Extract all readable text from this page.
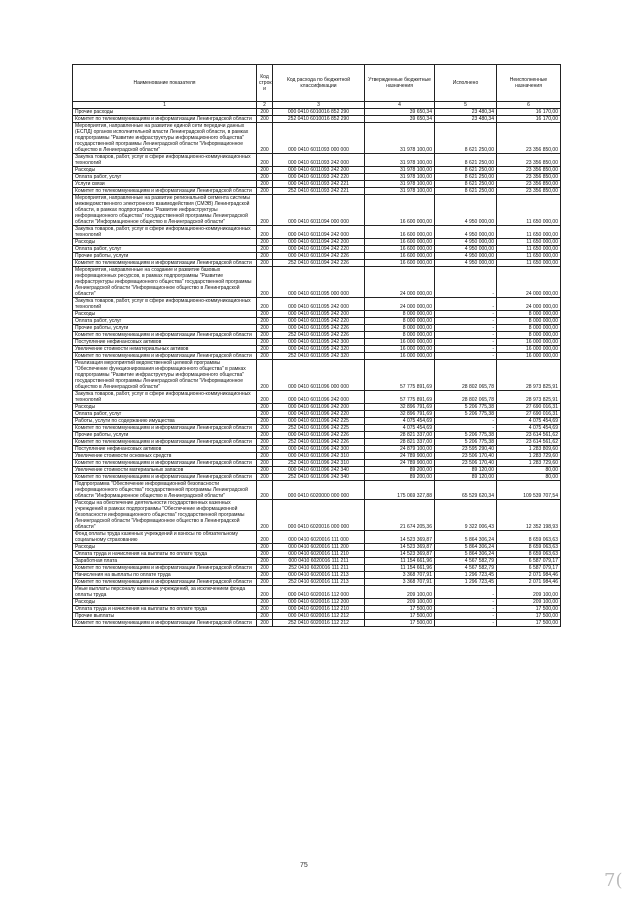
Наименование показателя	Код строк и	Код расхода по бюджетной классификации	Утвержденные бюджетные назначения	Исполнено	Неисполненные назначения
1	2	3	4	5	6
Прочие расходы	200	000 0410 6010016 852 290	39 650,34	23 480,34	16 170,00
Комитет по телекоммуникациям и информатизации Ленинградской области	200	252 0410 6010016 852 290	39 650,34	23 480,34	16 170,00
Мероприятия, направленные на развитие единой сети передачи данных (ЕСПД) органов исполнительной власти Ленинградской области, в рамках подпрограммы "Развитие инфраструктуры информационного общества" государственной программы Ленинградской области "Информационное общество в Ленинградской области"	200	000 0410 6011093 000 000	31 978 100,00	8 621 250,00	23 356 850,00
Закупка товаров, работ, услуг в сфере информационно-коммуникационных технологий	200	000 0410 6011093 242 000	31 978 100,00	8 621 250,00	23 356 850,00
Расходы	200	000 0410 6011093 242 200	31 978 100,00	8 621 250,00	23 356 850,00
Оплата работ, услуг	200	000 0410 6011093 242 220	31 978 100,00	8 621 250,00	23 356 850,00
Услуги связи	200	000 0410 6011093 242 221	31 978 100,00	8 621 250,00	23 356 850,00
Комитет по телекоммуникациям и информатизации Ленинградской области	200	252 0410 6011093 242 221	31 978 100,00	8 621 250,00	23 356 850,00
Мероприятия, направленные на развитие региональной сегмента системы межведомственного электронного взаимодействия (СМЭВ) Ленинградской области, в рамках подпрограммы "Развитие инфраструктуры информационного общества" государственной программы Ленинградской области "Информационное общество в Ленинградской области"	200	000 0410 6011094 000 000	16 600 000,00	4 950 000,00	11 650 000,00
Закупка товаров, работ, услуг в сфере информационно-коммуникационных технологий	200	000 0410 6011094 242 000	16 600 000,00	4 950 000,00	11 650 000,00
Расходы	200	000 0410 6011094 242 200	16 600 000,00	4 950 000,00	11 650 000,00
Оплата работ, услуг	200	000 0410 6011094 242 220	16 600 000,00	4 950 000,00	11 650 000,00
Прочие работы, услуги	200	000 0410 6011094 242 226	16 600 000,00	4 950 000,00	11 650 000,00
Комитет по телекоммуникациям и информатизации Ленинградской области	200	252 0410 6011094 242 226	16 600 000,00	4 950 000,00	11 650 000,00
Мероприятия, направленные на создание и развитие базовых информационных ресурсов, в рамках подпрограммы "Развитие инфраструктуры информационного общества" государственной программы Ленинградской области "Информационное общество в Ленинградской области"	200	000 0410 6011095 000 000	24 000 000,00	-	24 000 000,00
Закупка товаров, работ, услуг в сфере информационно-коммуникационных технологий	200	000 0410 6011095 242 000	24 000 000,00	-	24 000 000,00
Расходы	200	000 0410 6011095 242 200	8 000 000,00	-	8 000 000,00
Оплата работ, услуг	200	000 0410 6011095 242 220	8 000 000,00	-	8 000 000,00
Прочие работы, услуги	200	000 0410 6011095 242 226	8 000 000,00	-	8 000 000,00
Комитет по телекоммуникациям и информатизации Ленинградской области	200	252 0410 6011095 242 226	8 000 000,00	-	8 000 000,00
Поступление нефинансовых активов	200	000 0410 6011095 242 300	16 000 000,00	-	16 000 000,00
Увеличение стоимости нематериальных активов	200	000 0410 6011095 242 320	16 000 000,00	-	16 000 000,00
Комитет по телекоммуникациям и информатизации Ленинградской области	200	252 0410 6011095 242 320	16 000 000,00	-	16 000 000,00
Реализация мероприятий ведомственной целевой программы "Обеспечение функционирования информационного общества" в рамках подпрограммы "Развитие инфраструктуры информационного общества" государственной программы Ленинградской области "Информационное общество в Ленинградской области"	200	000 0410 6011096 000 000	57 775 891,69	28 802 065,78	28 973 825,91
Закупка товаров, работ, услуг в сфере информационно-коммуникационных технологий	200	000 0410 6011096 242 000	57 775 891,69	28 802 065,78	28 973 825,91
Расходы	200	000 0410 6011096 242 200	32 896 791,69	5 206 775,38	27 690 016,31
Оплата работ, услуг	200	000 0410 6011096 242 220	32 896 791,69	5 206 775,38	27 690 016,31
Работы, услуги по содержанию имущества	200	000 0410 6011096 242 225	4 075 454,69	-	4 075 454,69
Комитет по телекоммуникациям и информатизации Ленинградской области	200	252 0410 6011096 242 225	4 075 454,69	-	4 075 454,69
Прочие работы, услуги	200	000 0410 6011096 242 226	28 821 337,00	5 206 775,38	23 614 561,62
Комитет по телекоммуникациям и информатизации Ленинградской области	200	252 0410 6011096 242 226	28 821 337,00	5 206 775,38	23 614 561,62
Поступление нефинансовых активов	200	000 0410 6011096 242 300	24 879 100,00	23 595 290,40	1 283 809,60
Увеличение стоимости основных средств	200	000 0410 6011096 242 310	24 789 900,00	23 506 170,40	1 283 729,60
Комитет по телекоммуникациям и информатизации Ленинградской области	200	252 0410 6011096 242 310	24 789 900,00	23 506 170,40	1 283 729,60
Увеличение стоимости материальных запасов	200	000 0410 6011096 242 340	89 200,00	89 120,00	80,00
Комитет по телекоммуникациям и информатизации Ленинградской области	200	252 0410 6011096 242 340	89 200,00	89 120,00	80,00
Подпрограмма "Обеспечение информационной безопасности информационного общества" государственной программы Ленинградской области "Информационное общество в Ленинградской области"	200	000 0410 6020000 000 000	175 069 327,88	65 529 620,34	109 539 707,54
Расходы на обеспечение деятельности государственных казенных учреждений в рамках подпрограммы "Обеспечение информационной безопасности информационного общества" государственной программы Ленинградской области "Информационное общество в Ленинградской области"	200	000 0410 6020016 000 000	21 674 205,36	9 322 006,43	12 352 198,93
Фонд оплаты труда казенных учреждений и взносы по обязательному социальному страхованию	200	000 0410 6020016 111 000	14 523 369,87	5 864 306,24	8 659 063,63
Расходы	200	000 0410 6020016 111 200	14 523 369,87	5 864 306,24	8 659 063,63
Оплата труда и начисления на выплаты по оплате труда	200	000 0410 6020016 111 210	14 523 369,87	5 864 306,24	8 659 063,63
Заработная плата	200	000 0410 6020016 111 211	11 154 661,96	4 567 582,79	6 587 079,17
Комитет по телекоммуникациям и информатизации Ленинградской области	200	252 0410 6020016 111 211	11 154 661,96	4 567 582,79	6 587 079,17
Начисления на выплаты по оплате труда	200	000 0410 6020016 111 213	3 368 707,91	1 296 723,45	2 071 984,46
Комитет по телекоммуникациям и информатизации Ленинградской области	200	252 0410 6020016 111 213	3 368 707,91	1 296 723,45	2 071 984,46
Иные выплаты персоналу казенных учреждений, за исключением фонда оплаты труда	200	000 0410 6020016 112 000	209 100,00	-	209 100,00
Расходы	200	000 0410 6020016 112 200	209 100,00	-	209 100,00
Оплата труда и начисления на выплаты по оплате труда	200	000 0410 6020016 112 210	17 500,00	-	17 500,00
Прочие выплаты	200	000 0410 6020016 112 212	17 500,00	-	17 500,00
Комитет по телекоммуникациям и информатизации Ленинградской области	200	252 0410 6020016 112 212	17 500,00	-	17 500,00
75
7(
